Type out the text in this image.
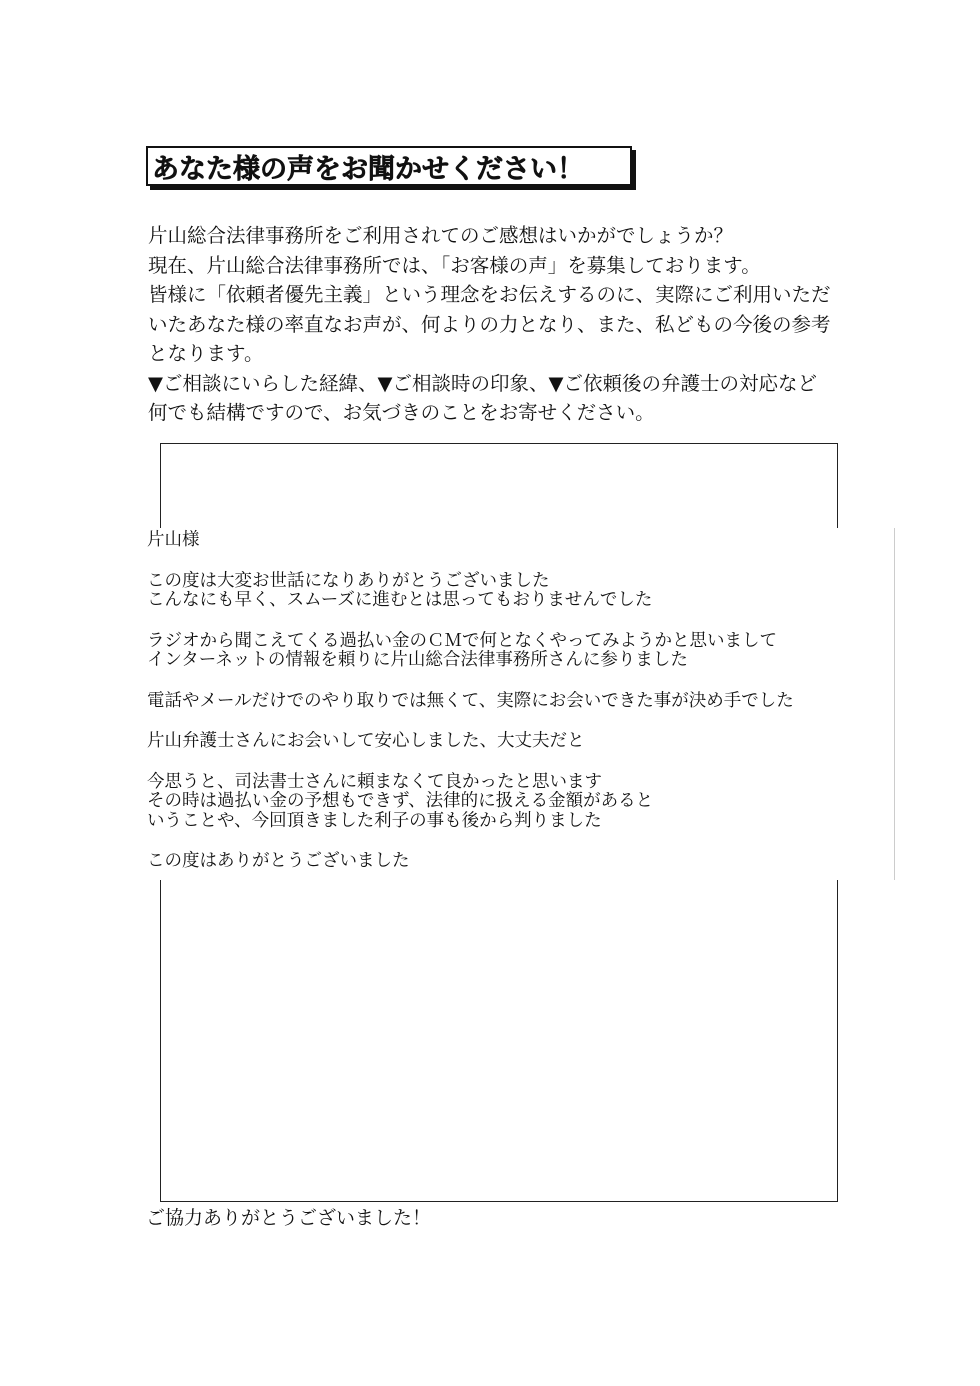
あなた様の声をお聞かせください！

片山総合法律事務所をご利用されてのご感想はいかがでしょうか？

現在、片山総合法律事務所では、「お客様の声」を募集しております。

皆様に「依頼者優先主義」という理念をお伝えするのに、実際にご利用いただ

いたあなた様の率直なお声が、何よりの力となり、また、私どもの今後の参考

となります。

▼ご相談にいらした経緯、▼ご相談時の印象、▼ご依頼後の弁護士の対応など

何でも結構ですので、お気づきのことをお寄せください。

片山様

この度は大変お世話になりありがとうございました

こんなにも早く、スムーズに進むとは思ってもおりませんでした

ラジオから聞こえてくる過払い金のＣＭで何となくやってみようかと思いまして

インターネットの情報を頼りに片山総合法律事務所さんに参りました

電話やメールだけでのやり取りでは無くて、実際にお会いできた事が決め手でした

片山弁護士さんにお会いして安心しました、大丈夫だと

今思うと、司法書士さんに頼まなくて良かったと思います

その時は過払い金の予想もできず、法律的に扱える金額があると

いうことや、今回頂きました利子の事も後から判りました

この度はありがとうございました

ご協力ありがとうございました！
